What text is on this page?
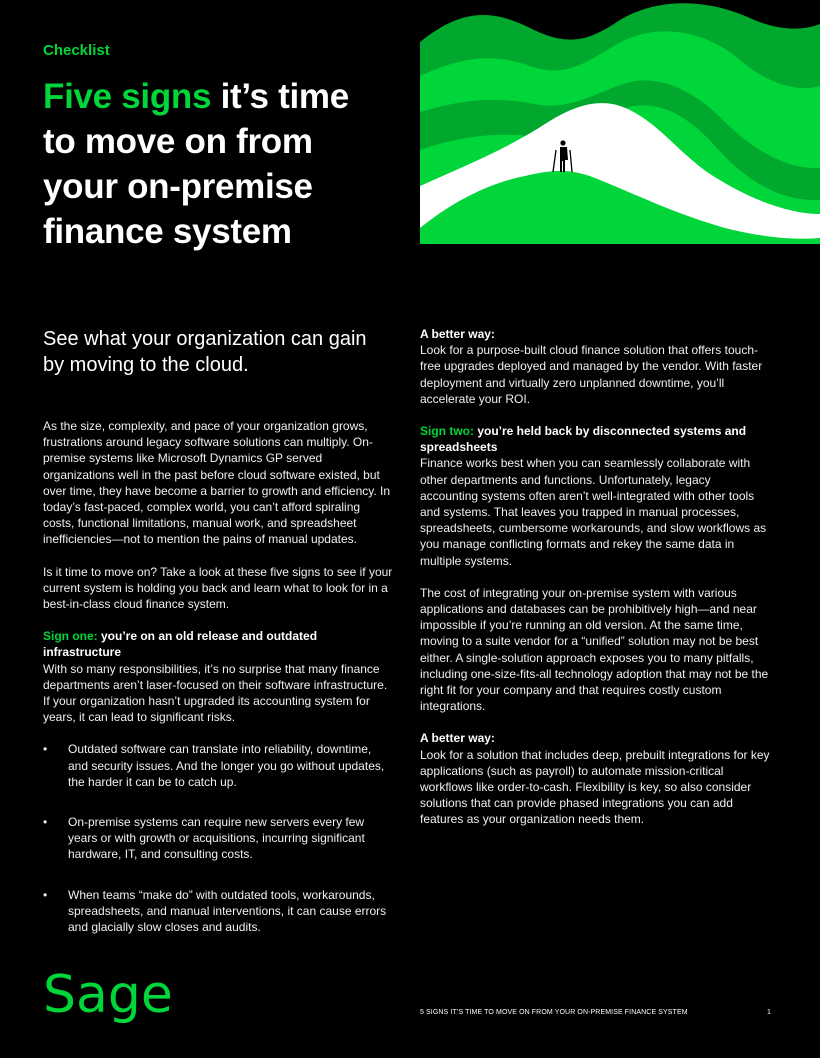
Checklist
Five signs it’s time to move on from your on-premise finance system
See what your organization can gain by moving to the cloud.

As the size, complexity, and pace of your organization grows, frustrations around legacy software solutions can multiply. On-premise systems like Microsoft Dynamics GP served organizations well in the past before cloud software existed, but over time, they have become a barrier to growth and efficiency. In today’s fast-paced, complex world, you can’t afford spiraling costs, functional limitations, manual work, and spreadsheet inefficiencies—not to mention the pains of manual updates.

Is it time to move on? Take a look at these five signs to see if your current system is holding you back and learn what to look for in a best-in-class cloud finance system.

Sign one: you’re on an old release and outdated infrastructure

With so many responsibilities, it’s no surprise that many finance departments aren’t laser-focused on their software infrastructure. If your organization hasn’t upgraded its accounting system for years, it can lead to significant risks.

• Outdated software can translate into reliability, downtime, and security issues. And the longer you go without updates, the harder it can be to catch up.
• On-premise systems can require new servers every few years or with growth or acquisitions, incurring significant hardware, IT, and consulting costs.
• When teams “make do” with outdated tools, workarounds, spreadsheets, and manual interventions, it can cause errors and glacially slow closes and audits.
A better way:

Look for a purpose-built cloud finance solution that offers touch-free upgrades deployed and managed by the vendor. With faster deployment and virtually zero unplanned downtime, you’ll accelerate your ROI.

Sign two: you’re held back by disconnected systems and spreadsheets

Finance works best when you can seamlessly collaborate with other departments and functions. Unfortunately, legacy accounting systems often aren’t well-integrated with other tools and systems. That leaves you trapped in manual processes, spreadsheets, cumbersome workarounds, and slow workflows as you manage conflicting formats and rekey the same data in multiple systems.

The cost of integrating your on-premise system with various applications and databases can be prohibitively high—and near impossible if you’re running an old version. At the same time, moving to a suite vendor for a “unified” solution may not be best either. A single-solution approach exposes you to many pitfalls, including one-size-fits-all technology adoption that may not be the right fit for your company and that requires costly custom integrations.

A better way:

Look for a solution that includes deep, prebuilt integrations for key applications (such as payroll) to automate mission-critical workflows like order-to-cash. Flexibility is key, so also consider solutions that can provide phased integrations you can add features as your organization needs them.

Sage	5 SIGNS IT’S TIME TO MOVE ON FROM YOUR ON-PREMISE FINANCE SYSTEM	1
